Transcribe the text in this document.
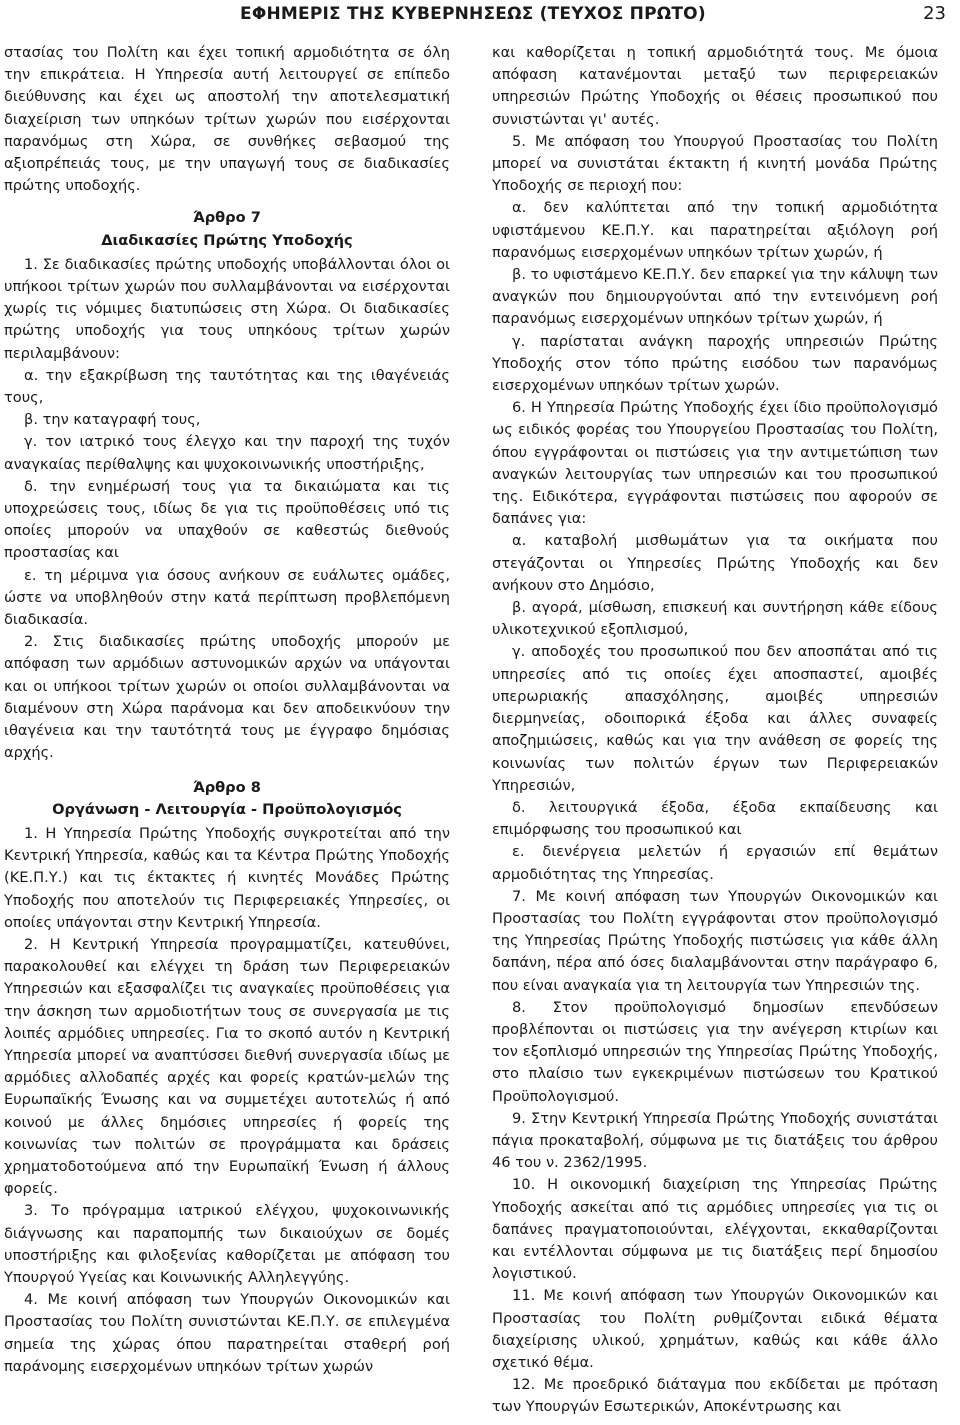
ΕΦΗΜΕΡΙΣ ΤΗΣ ΚΥΒΕΡΝΗΣΕΩΣ (ΤΕΥΧΟΣ ΠΡΩΤΟ)	23

στασίας του Πολίτη και έχει τοπική αρμοδιότητα σε όλη την επικράτεια. Η Υπηρεσία αυτή λειτουργεί σε επίπεδο διεύθυνσης και έχει ως αποστολή την αποτελεσματική διαχείριση των υπηκόων τρίτων χωρών που εισέρχονται παρανόμως στη Χώρα, σε συνθήκες σεβασμού της αξιοπρέπειάς τους, με την υπαγωγή τους σε διαδικασίες πρώτης υποδοχής.

Άρθρο 7
Διαδικασίες Πρώτης Υποδοχής

1. Σε διαδικασίες πρώτης υποδοχής υποβάλλονται όλοι οι υπήκοοι τρίτων χωρών που συλλαμβάνονται να εισέρχονται χωρίς τις νόμιμες διατυπώσεις στη Χώρα. Οι διαδικασίες πρώτης υποδοχής για τους υπηκόους τρίτων χωρών περιλαμβάνουν:

α. την εξακρίβωση της ταυτότητας και της ιθαγένειάς τους,

β. την καταγραφή τους,

γ. τον ιατρικό τους έλεγχο και την παροχή της τυχόν αναγκαίας περίθαλψης και ψυχοκοινωνικής υποστήριξης,

δ. την ενημέρωσή τους για τα δικαιώματα και τις υποχρεώσεις τους, ιδίως δε για τις προϋποθέσεις υπό τις οποίες μπορούν να υπαχθούν σε καθεστώς διεθνούς προστασίας και

ε. τη μέριμνα για όσους ανήκουν σε ευάλωτες ομάδες, ώστε να υποβληθούν στην κατά περίπτωση προβλεπόμενη διαδικασία.

2. Στις διαδικασίες πρώτης υποδοχής μπορούν με απόφαση των αρμόδιων αστυνομικών αρχών να υπάγονται και οι υπήκοοι τρίτων χωρών οι οποίοι συλλαμβάνονται να διαμένουν στη Χώρα παράνομα και δεν αποδεικνύουν την ιθαγένεια και την ταυτότητά τους με έγγραφο δημόσιας αρχής.

Άρθρο 8
Οργάνωση - Λειτουργία - Προϋπολογισμός

1. Η Υπηρεσία Πρώτης Υποδοχής συγκροτείται από την Κεντρική Υπηρεσία, καθώς και τα Κέντρα Πρώτης Υποδοχής (ΚΕ.Π.Υ.) και τις έκτακτες ή κινητές Μονάδες Πρώτης Υποδοχής που αποτελούν τις Περιφερειακές Υπηρεσίες, οι οποίες υπάγονται στην Κεντρική Υπηρεσία.

2. Η Κεντρική Υπηρεσία προγραμματίζει, κατευθύνει, παρακολουθεί και ελέγχει τη δράση των Περιφερειακών Υπηρεσιών και εξασφαλίζει τις αναγκαίες προϋποθέσεις για την άσκηση των αρμοδιοτήτων τους σε συνεργασία με τις λοιπές αρμόδιες υπηρεσίες. Για το σκοπό αυτόν η Κεντρική Υπηρεσία μπορεί να αναπτύσσει διεθνή συνεργασία ιδίως με αρμόδιες αλλοδαπές αρχές και φορείς κρατών-μελών της Ευρωπαϊκής Ένωσης και να συμμετέχει αυτοτελώς ή από κοινού με άλλες δημόσιες υπηρεσίες ή φορείς της κοινωνίας των πολιτών σε προγράμματα και δράσεις χρηματοδοτούμενα από την Ευρωπαϊκή Ένωση ή άλλους φορείς.

3. Το πρόγραμμα ιατρικού ελέγχου, ψυχοκοινωνικής διάγνωσης και παραπομπής των δικαιούχων σε δομές υποστήριξης και φιλοξενίας καθορίζεται με απόφαση του Υπουργού Υγείας και Κοινωνικής Αλληλεγγύης.

4. Με κοινή απόφαση των Υπουργών Οικονομικών και Προστασίας του Πολίτη συνιστώνται ΚΕ.Π.Υ. σε επιλεγμένα σημεία της χώρας όπου παρατηρείται σταθερή ροή παράνομης εισερχομένων υπηκόων τρίτων χωρών

και καθορίζεται η τοπική αρμοδιότητά τους. Με όμοια απόφαση κατανέμονται μεταξύ των περιφερειακών υπηρεσιών Πρώτης Υποδοχής οι θέσεις προσωπικού που συνιστώνται γι' αυτές.

5. Με απόφαση του Υπουργού Προστασίας του Πολίτη μπορεί να συνιστάται έκτακτη ή κινητή μονάδα Πρώτης Υποδοχής σε περιοχή που:

α. δεν καλύπτεται από την τοπική αρμοδιότητα υφιστάμενου ΚΕ.Π.Υ. και παρατηρείται αξιόλογη ροή παρανόμως εισερχομένων υπηκόων τρίτων χωρών, ή

β. το υφιστάμενο ΚΕ.Π.Υ. δεν επαρκεί για την κάλυψη των αναγκών που δημιουργούνται από την εντεινόμενη ροή παρανόμως εισερχομένων υπηκόων τρίτων χωρών, ή

γ. παρίσταται ανάγκη παροχής υπηρεσιών Πρώτης Υποδοχής στον τόπο πρώτης εισόδου των παρανόμως εισερχομένων υπηκόων τρίτων χωρών.

6. Η Υπηρεσία Πρώτης Υποδοχής έχει ίδιο προϋπολογισμό ως ειδικός φορέας του Υπουργείου Προστασίας του Πολίτη, όπου εγγράφονται οι πιστώσεις για την αντιμετώπιση των αναγκών λειτουργίας των υπηρεσιών και του προσωπικού της. Ειδικότερα, εγγράφονται πιστώσεις που αφορούν σε δαπάνες για:

α. καταβολή μισθωμάτων για τα οικήματα που στεγάζονται οι Υπηρεσίες Πρώτης Υποδοχής και δεν ανήκουν στο Δημόσιο,

β. αγορά, μίσθωση, επισκευή και συντήρηση κάθε είδους υλικοτεχνικού εξοπλισμού,

γ. αποδοχές του προσωπικού που δεν αποσπάται από τις υπηρεσίες από τις οποίες έχει αποσπαστεί, αμοιβές υπερωριακής απασχόλησης, αμοιβές υπηρεσιών διερμηνείας, οδοιπορικά έξοδα και άλλες συναφείς αποζημιώσεις, καθώς και για την ανάθεση σε φορείς της κοινωνίας των πολιτών έργων των Περιφερειακών Υπηρεσιών,

δ. λειτουργικά έξοδα, έξοδα εκπαίδευσης και επιμόρφωσης του προσωπικού και

ε. διενέργεια μελετών ή εργασιών επί θεμάτων αρμοδιότητας της Υπηρεσίας.

7. Με κοινή απόφαση των Υπουργών Οικονομικών και Προστασίας του Πολίτη εγγράφονται στον προϋπολογισμό της Υπηρεσίας Πρώτης Υποδοχής πιστώσεις για κάθε άλλη δαπάνη, πέρα από όσες διαλαμβάνονται στην παράγραφο 6, που είναι αναγκαία για τη λειτουργία των Υπηρεσιών της.

8. Στον προϋπολογισμό δημοσίων επενδύσεων προβλέπονται οι πιστώσεις για την ανέγερση κτιρίων και τον εξοπλισμό υπηρεσιών της Υπηρεσίας Πρώτης Υποδοχής, στο πλαίσιο των εγκεκριμένων πιστώσεων του Κρατικού Προϋπολογισμού.

9. Στην Κεντρική Υπηρεσία Πρώτης Υποδοχής συνιστάται πάγια προκαταβολή, σύμφωνα με τις διατάξεις του άρθρου 46 του ν. 2362/1995.

10. Η οικονομική διαχείριση της Υπηρεσίας Πρώτης Υποδοχής ασκείται από τις αρμόδιες υπηρεσίες για τις οι δαπάνες πραγματοποιούνται, ελέγχονται, εκκαθαρίζονται και εντέλλονται σύμφωνα με τις διατάξεις περί δημοσίου λογιστικού.

11. Με κοινή απόφαση των Υπουργών Οικονομικών και Προστασίας του Πολίτη ρυθμίζονται ειδικά θέματα διαχείρισης υλικού, χρημάτων, καθώς και κάθε άλλο σχετικό θέμα.

12. Με προεδρικό διάταγμα που εκδίδεται με πρόταση των Υπουργών Εσωτερικών, Αποκέντρωσης και
